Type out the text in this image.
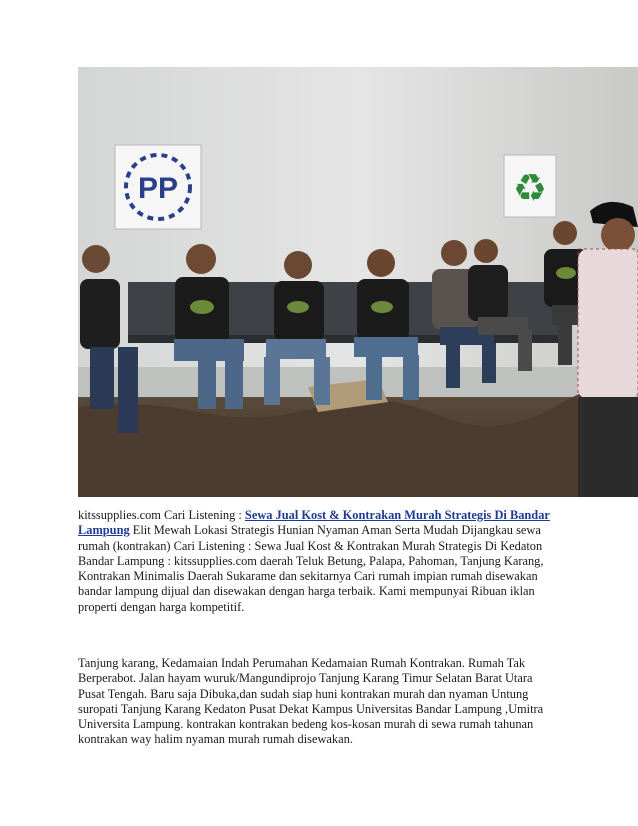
PP	♻

kitssupplies.com Cari Listening : Sewa Jual Kost & Kontrakan Murah Strategis Di Bandar Lampung Elit Mewah Lokasi Strategis Hunian Nyaman Aman Serta Mudah Dijangkau sewa rumah (kontrakan) Cari Listening : Sewa Jual Kost & Kontrakan Murah Strategis Di Kedaton Bandar Lampung : kitssupplies.com daerah Teluk Betung, Palapa, Pahoman, Tanjung Karang, Kontrakan Minimalis Daerah Sukarame dan sekitarnya Cari rumah impian rumah disewakan bandar lampung dijual dan disewakan dengan harga terbaik. Kami mempunyai Ribuan iklan properti dengan harga kompetitif.

Tanjung karang, Kedamaian Indah Perumahan Kedamaian Rumah Kontrakan. Rumah Tak Berperabot. Jalan hayam wuruk/Mangundiprojo Tanjung Karang Timur Selatan Barat Utara Pusat Tengah. Baru saja Dibuka,dan sudah siap huni kontrakan murah dan nyaman Untung suropati Tanjung Karang Kedaton Pusat Dekat Kampus Universitas Bandar Lampung ,Umitra Universita Lampung. kontrakan kontrakan bedeng kos-kosan murah di sewa rumah tahunan kontrakan way halim nyaman murah rumah disewakan.
